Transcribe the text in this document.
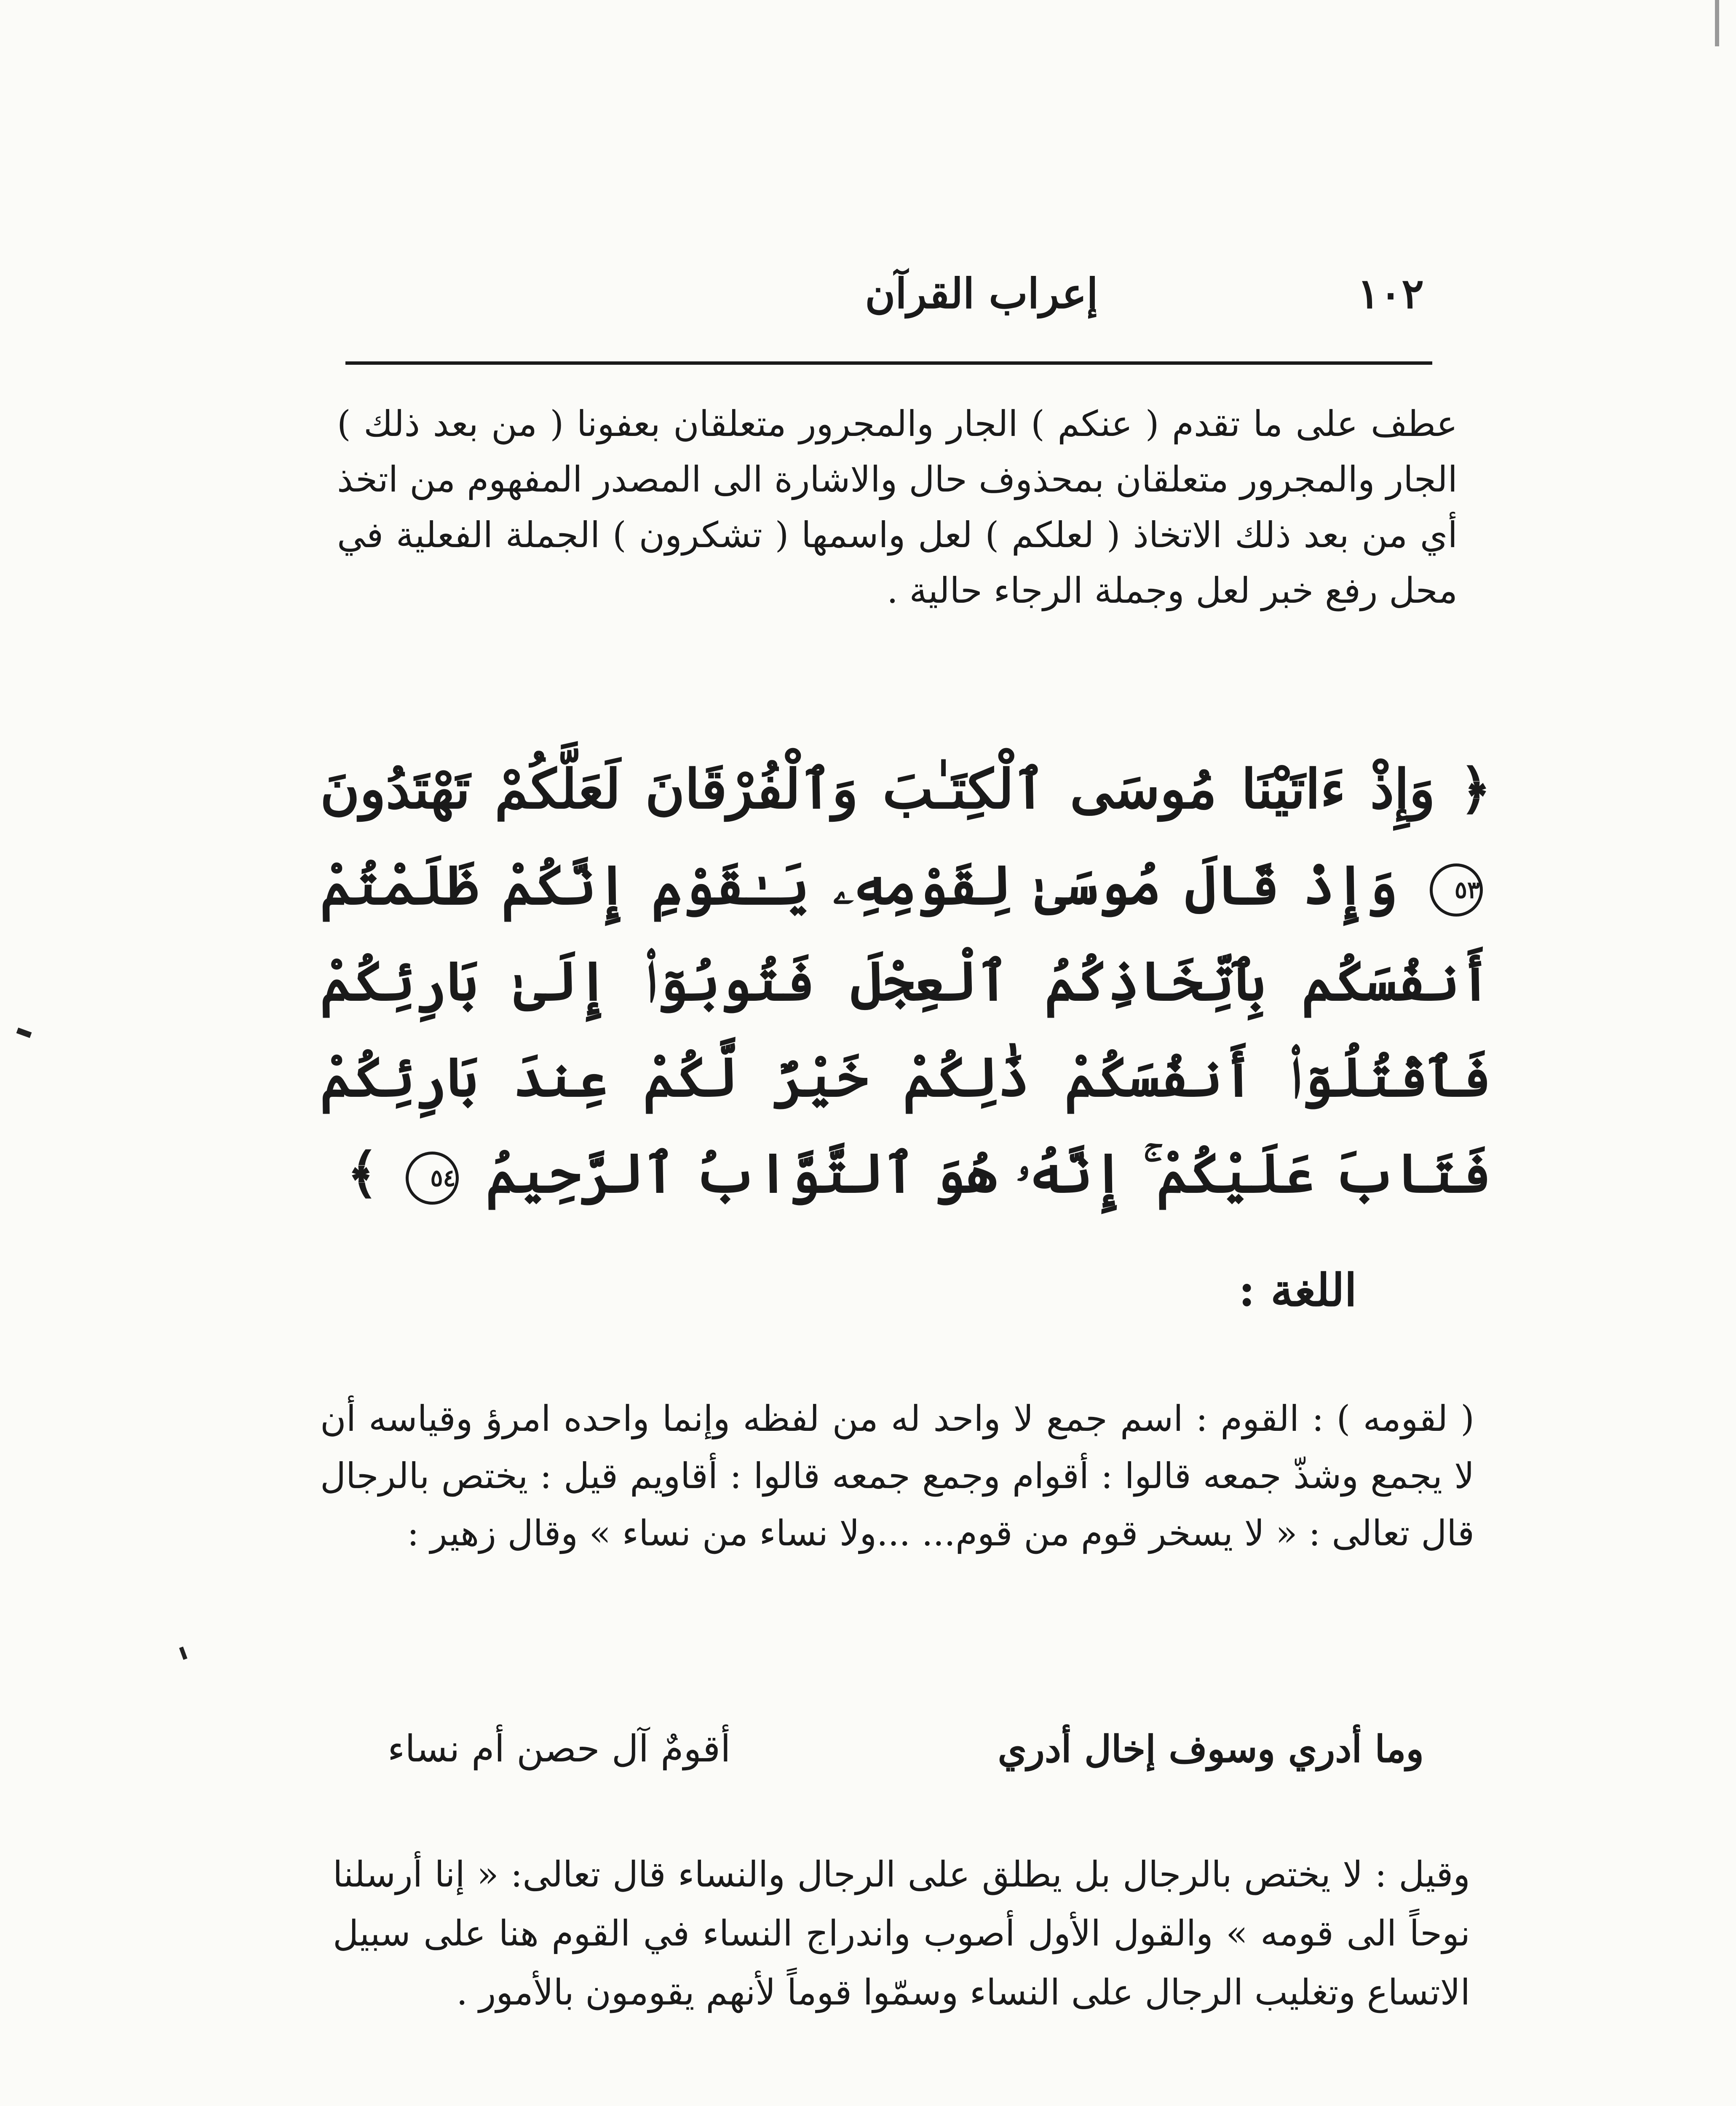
١٠٢
إعراب القرآن
عطف على ما تقدم ( عنكم ) الجار والمجرور متعلقان بعفونا ( من بعد ذلك ) الجار والمجرور متعلقان بمحذوف حال والاشارة الى المصدر المفهوم من اتخذ أي من بعد ذلك الاتخاذ ( لعلكم ) لعل واسمها ( تشكرون ) الجملة الفعلية في محل رفع خبر لعل وجملة الرجاء حالية .
﴿ وَإِذْ ءَاتَيْنَا مُوسَى ٱلْكِتَـٰبَ وَٱلْفُرْقَانَ لَعَلَّكُمْ تَهْتَدُونَ ٥٣ وَإِذْ قَالَ مُوسَىٰ لِقَوْمِهِۦ يَـٰقَوْمِ إِنَّكُمْ ظَلَمْتُمْ أَنفُسَكُم بِٱتِّخَاذِكُمُ ٱلْعِجْلَ فَتُوبُوٓا۟ إِلَىٰ بَارِئِكُمْ فَٱقْتُلُوٓا۟ أَنفُسَكُمْ ذَٰلِكُمْ خَيْرٌ لَّكُمْ عِندَ بَارِئِكُمْ فَتَابَ عَلَيْكُمْ ۚ إِنَّهُۥ هُوَ ٱلتَّوَّابُ ٱلرَّحِيمُ ٥٤ ﴾
اللغة :
( لقومه ) : القوم : اسم جمع لا واحد له من لفظه وإنما واحده امرؤ وقياسه أن لا يجمع وشذّ جمعه قالوا : أقوام وجمع جمعه قالوا : أقاويم قيل : يختص بالرجال قال تعالى : « لا يسخر قوم من قوم... ...ولا نساء من نساء » وقال زهير :
وما أدري وسوف إخال أدري
أقومٌ آل حصن أم نساء
وقيل : لا يختص بالرجال بل يطلق على الرجال والنساء قال تعالى: « إنا أرسلنا نوحاً الى قومه » والقول الأول أصوب واندراج النساء في القوم هنا على سبيل الاتساع وتغليب الرجال على النساء وسمّوا قوماً لأنهم يقومون بالأمور .
